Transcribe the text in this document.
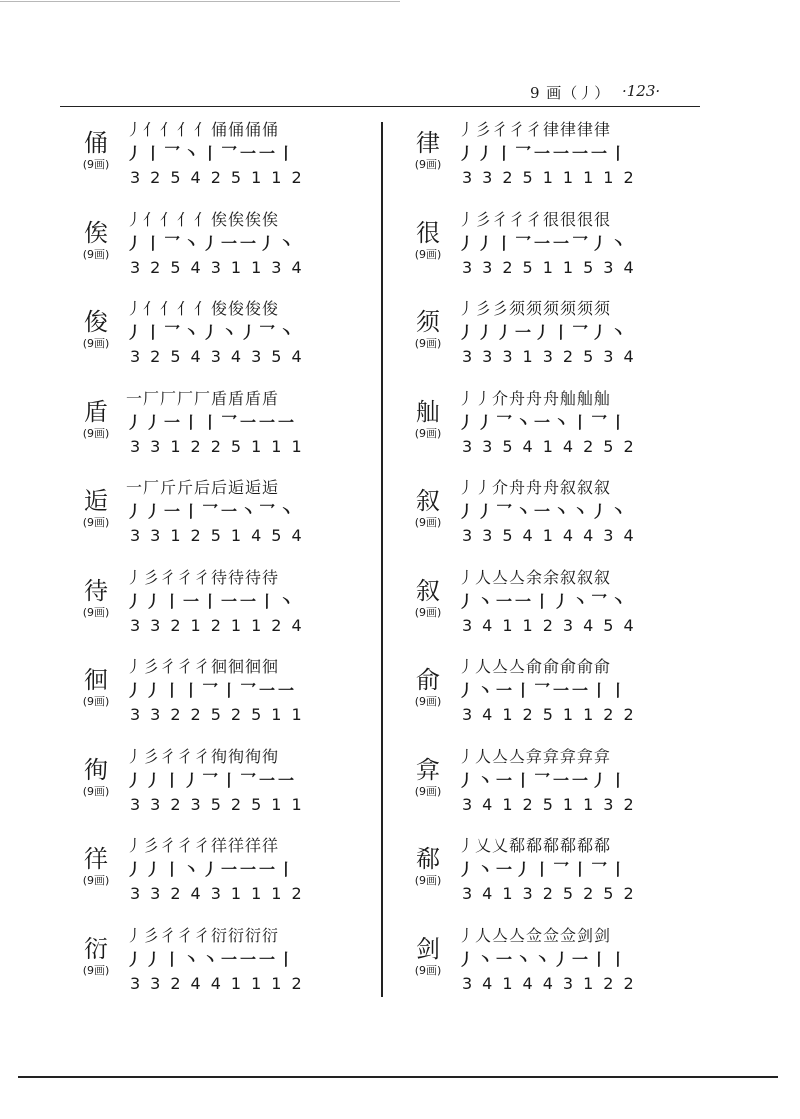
9 画（丿） ·123·
俑
(9画)
丿亻亻亻亻俑俑俑俑
丿丨乛丶丨乛一一丨
325425112
俟
(9画)
丿亻亻亻亻俟俟俟俟
丿丨乛丶丿一一丿丶
325431134
俊
(9画)
丿亻亻亻亻俊俊俊俊
丿丨乛丶丿丶丿乛丶
325434354
盾
(9画)
一厂厂厂厂盾盾盾盾
丿丿一丨丨乛一一一
331225111
逅
(9画)
一厂斤斤后后逅逅逅
丿丿一丨乛一丶乛丶
331251454
待
(9画)
丿彡彳彳彳待待待待
丿丿丨一丨一一丨丶
332121124
徊
(9画)
丿彡彳彳彳徊徊徊徊
丿丿丨丨乛丨乛一一
332252511
徇
(9画)
丿彡彳彳彳徇徇徇徇
丿丿丨丿乛丨乛一一
332352511
徉
(9画)
丿彡彳彳彳徉徉徉徉
丿丿丨丶丿一一一丨
332431112
衍
(9画)
丿彡彳彳彳衍衍衍衍
丿丿丨丶丶一一一丨
332441112
律
(9画)
丿彡彳彳彳律律律律
丿丿丨乛一一一一丨
332511112
很
(9画)
丿彡彳彳彳很很很很
丿丿丨乛一一乛丿丶
332511534
须
(9画)
丿彡彡须须须须须须
丿丿丿一丿丨乛丿丶
333132534
舢
(9画)
丿丿介舟舟舟舢舢舢
丿丿乛丶一丶丨乛丨
335414252
叙
(9画)
丿丿介舟舟舟叙叙叙
丿丿乛丶一丶丶丿丶
335414434
叙
(9画)
丿人亼亼余余叙叙叙
丿丶一一丨丿丶乛丶
341123454
俞
(9画)
丿人亼亼俞俞俞俞俞
丿丶一丨乛一一丨丨
341251122
弇
(9画)
丿人亼亼弇弇弇弇弇
丿丶一丨乛一一丿丨
341251132
郗
(9画)
丿乂乂郗郗郗郗郗郗
丿丶一丿丨乛丨乛丨
341325252
剑
(9画)
丿人亼亼佥佥佥剑剑
丿丶一丶丶丿一丨丨
341443122
